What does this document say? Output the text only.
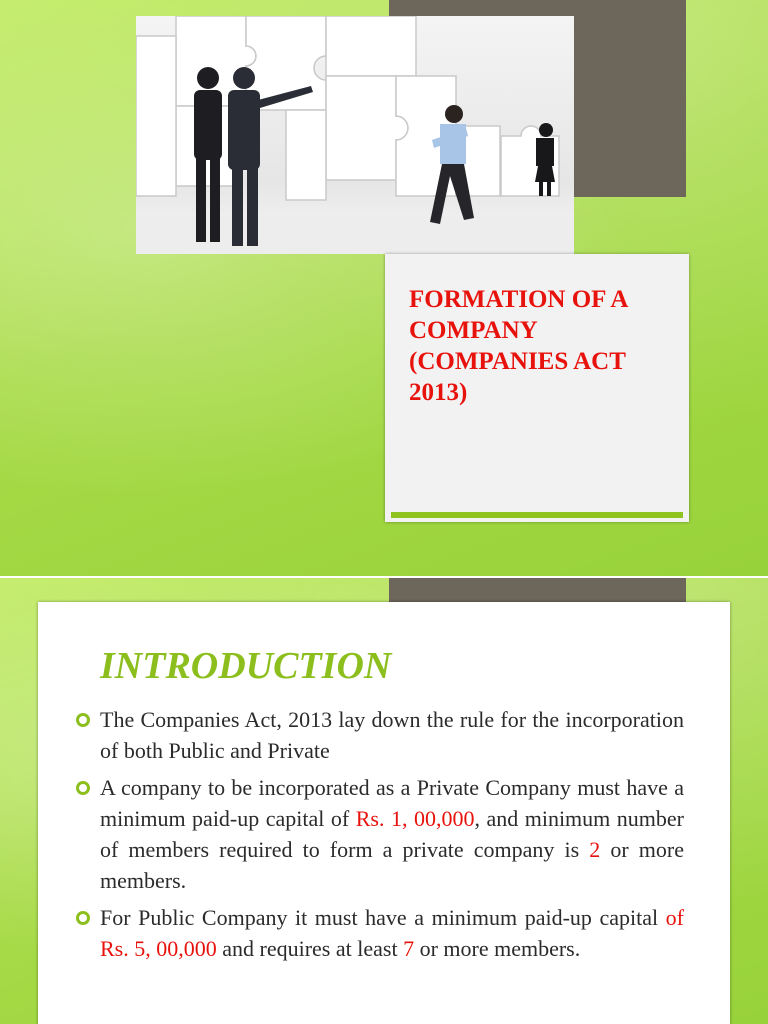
FORMATION OF A COMPANY (COMPANIES ACT 2013)
INTRODUCTION
The Companies Act, 2013 lay down the rule for the incorporation of both Public and Private
A company to be incorporated as a Private Company must have a minimum paid-up capital of Rs. 1, 00,000, and minimum number of members required to form a private company is 2 or more members.
For Public Company it must have a minimum paid-up capital of Rs. 5, 00,000 and requires at least 7 or more members.
